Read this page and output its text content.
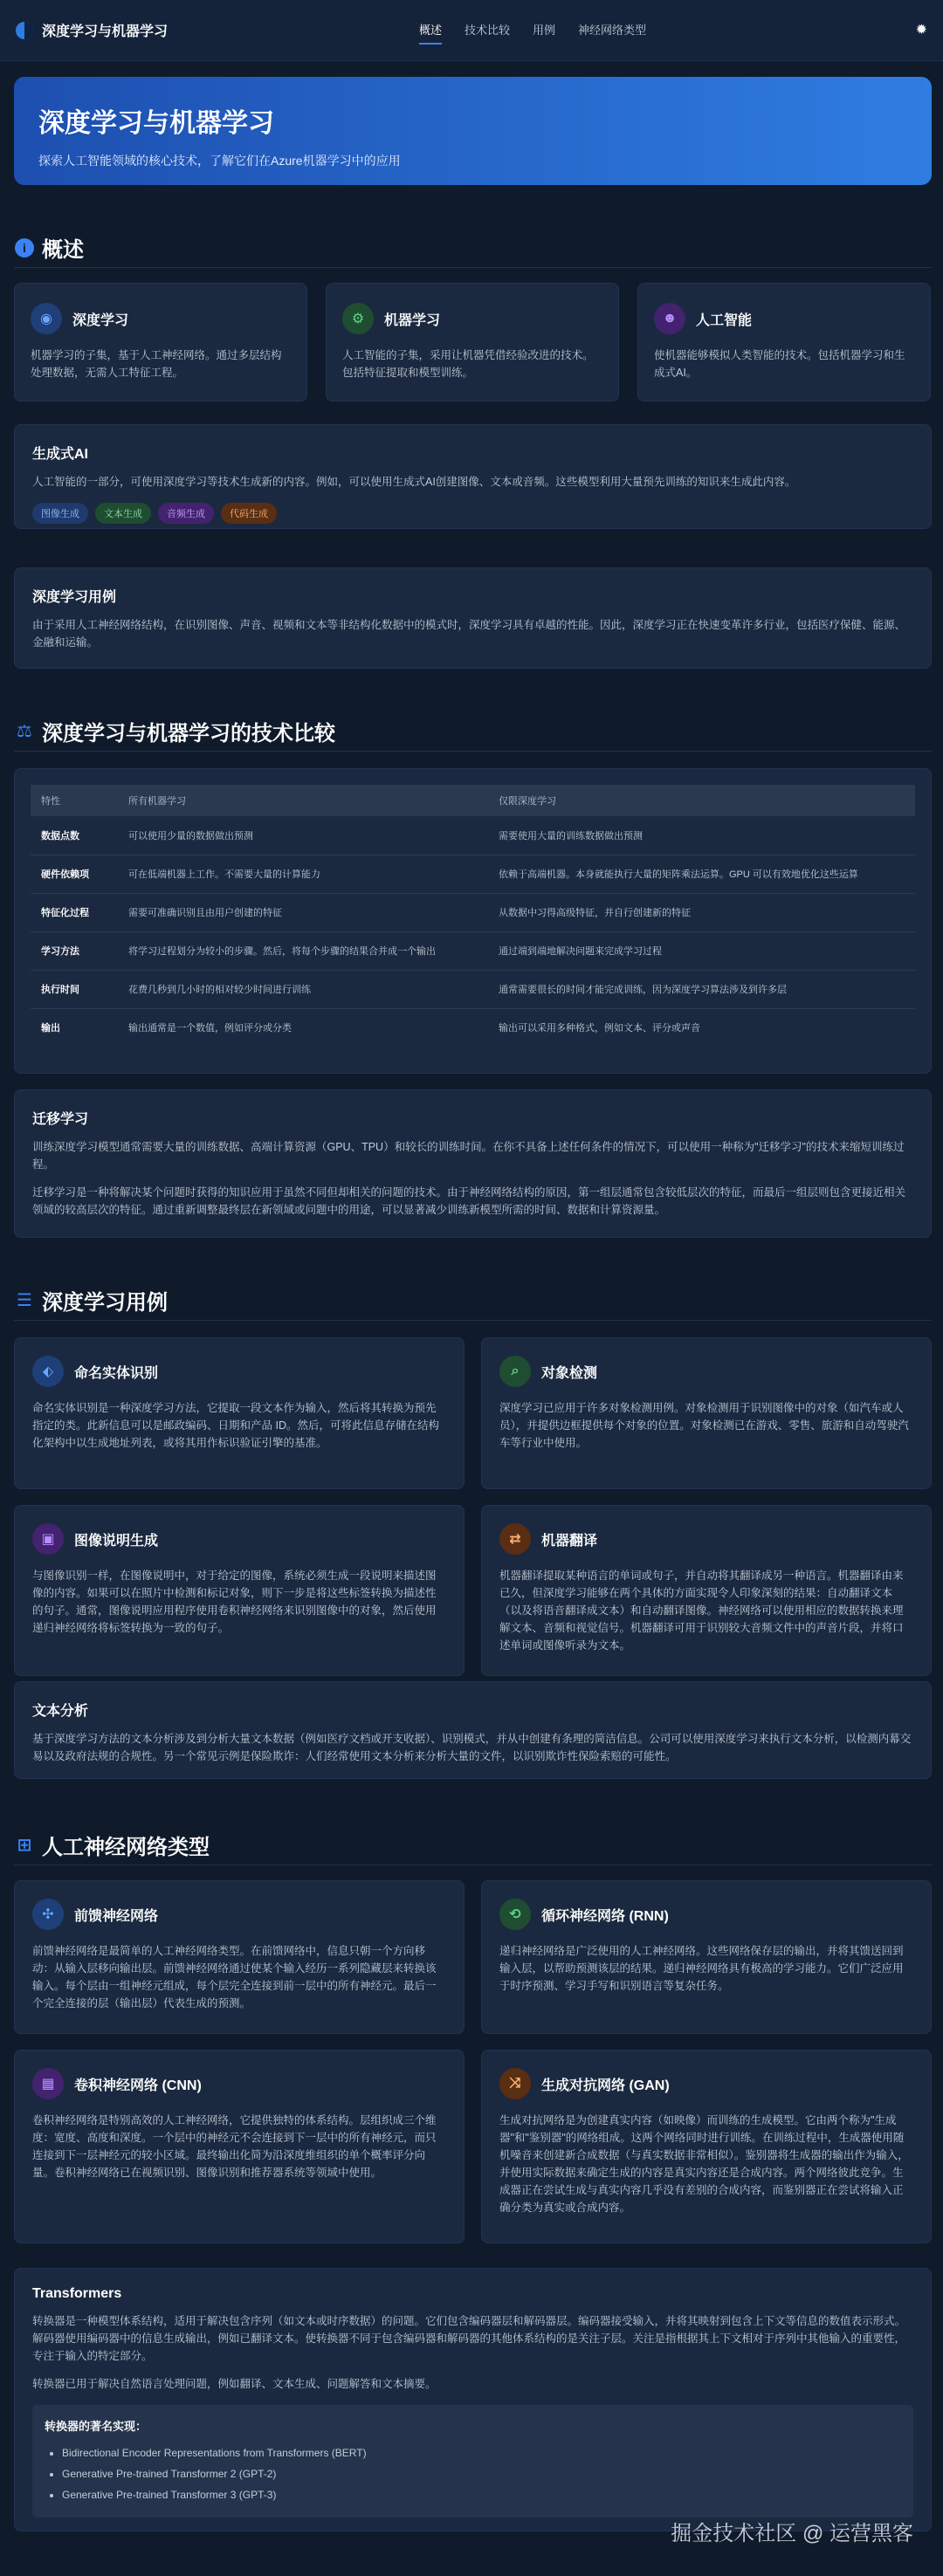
深度学习与机器学习	概述 技术比较 用例 神经网络类型	✹
深度学习与机器学习

探索人工智能领域的核心技术，了解它们在Azure机器学习中的应用

i 概述
◉	深度学习

机器学习的子集，基于人工神经网络。通过多层结构处理数据，无需人工特征工程。

⚙	机器学习

人工智能的子集，采用让机器凭借经验改进的技术。包括特征提取和模型训练。

☻	人工智能

使机器能够模拟人类智能的技术。包括机器学习和生成式AI。

生成式AI

人工智能的一部分，可使用深度学习等技术生成新的内容。例如，可以使用生成式AI创建图像、文本或音频。这些模型利用大量预先训练的知识来生成此内容。

图像生成	文本生成	音频生成	代码生成
深度学习用例

由于采用人工神经网络结构，在识别图像、声音、视频和文本等非结构化数据中的模式时，深度学习具有卓越的性能。因此，深度学习正在快速变革许多行业，包括医疗保健、能源、金融和运输。

⚖ 深度学习与机器学习的技术比较
特性	所有机器学习	仅限深度学习
数据点数	可以使用少量的数据做出预测	需要使用大量的训练数据做出预测
硬件依赖项	可在低端机器上工作。不需要大量的计算能力	依赖于高端机器。本身就能执行大量的矩阵乘法运算。GPU 可以有效地优化这些运算
特征化过程	需要可准确识别且由用户创建的特征	从数据中习得高级特征，并自行创建新的特征
学习方法	将学习过程划分为较小的步骤。然后，将每个步骤的结果合并成一个输出	通过端到端地解决问题来完成学习过程
执行时间	花费几秒到几小时的相对较少时间进行训练	通常需要很长的时间才能完成训练，因为深度学习算法涉及到许多层
输出	输出通常是一个数值，例如评分或分类	输出可以采用多种格式，例如文本、评分或声音
迁移学习

训练深度学习模型通常需要大量的训练数据、高端计算资源（GPU、TPU）和较长的训练时间。在你不具备上述任何条件的情况下，可以使用一种称为"迁移学习"的技术来缩短训练过程。

迁移学习是一种将解决某个问题时获得的知识应用于虽然不同但却相关的问题的技术。由于神经网络结构的原因，第一组层通常包含较低层次的特征，而最后一组层则包含更接近相关领域的较高层次的特征。通过重新调整最终层在新领域或问题中的用途，可以显著减少训练新模型所需的时间、数据和计算资源量。

☰ 深度学习用例
⬖	命名实体识别

命名实体识别是一种深度学习方法，它提取一段文本作为输入，然后将其转换为预先指定的类。此新信息可以是邮政编码、日期和产品 ID。然后，可将此信息存储在结构化架构中以生成地址列表，或将其用作标识验证引擎的基准。

⌕	对象检测

深度学习已应用于许多对象检测用例。对象检测用于识别图像中的对象（如汽车或人员），并提供边框提供每个对象的位置。对象检测已在游戏、零售、旅游和自动驾驶汽车等行业中使用。

▣	图像说明生成

与图像识别一样，在图像说明中，对于给定的图像，系统必须生成一段说明来描述图像的内容。如果可以在照片中检测和标记对象，则下一步是将这些标签转换为描述性的句子。通常，图像说明应用程序使用卷积神经网络来识别图像中的对象，然后使用递归神经网络将标签转换为一致的句子。

⇄	机器翻译

机器翻译提取某种语言的单词或句子，并自动将其翻译成另一种语言。机器翻译由来已久，但深度学习能够在两个具体的方面实现令人印象深刻的结果：自动翻译文本（以及将语音翻译成文本）和自动翻译图像。神经网络可以使用相应的数据转换来理解文本、音频和视觉信号。机器翻译可用于识别较大音频文件中的声音片段，并将口述单词或图像听录为文本。

文本分析

基于深度学习方法的文本分析涉及到分析大量文本数据（例如医疗文档或开支收据）、识别模式，并从中创建有条理的简洁信息。公司可以使用深度学习来执行文本分析，以检测内幕交易以及政府法规的合规性。另一个常见示例是保险欺诈：人们经常使用文本分析来分析大量的文件，以识别欺诈性保险索赔的可能性。

⊞ 人工神经网络类型
✣	前馈神经网络

前馈神经网络是最简单的人工神经网络类型。在前馈网络中，信息只朝一个方向移动：从输入层移向输出层。前馈神经网络通过使某个输入经历一系列隐藏层来转换该输入。每个层由一组神经元组成，每个层完全连接到前一层中的所有神经元。最后一个完全连接的层（输出层）代表生成的预测。

⟲	循环神经网络 (RNN)

递归神经网络是广泛使用的人工神经网络。这些网络保存层的输出，并将其馈送回到输入层，以帮助预测该层的结果。递归神经网络具有极高的学习能力。它们广泛应用于时序预测、学习手写和识别语言等复杂任务。

▦	卷积神经网络 (CNN)

卷积神经网络是特别高效的人工神经网络，它提供独特的体系结构。层组织成三个维度：宽度、高度和深度。一个层中的神经元不会连接到下一层中的所有神经元，而只连接到下一层神经元的较小区域。最终输出化简为沿深度维组织的单个概率评分向量。卷积神经网络已在视频识别、图像识别和推荐器系统等领域中使用。

⤨	生成对抗网络 (GAN)

生成对抗网络是为创建真实内容（如映像）而训练的生成模型。它由两个称为"生成器"和"鉴别器"的网络组成。这两个网络同时进行训练。在训练过程中，生成器使用随机噪音来创建新合成数据（与真实数据非常相似）。鉴别器将生成器的输出作为输入，并使用实际数据来确定生成的内容是真实内容还是合成内容。两个网络彼此竞争。生成器正在尝试生成与真实内容几乎没有差别的合成内容，而鉴别器正在尝试将输入正确分类为真实或合成内容。

Transformers

转换器是一种模型体系结构，适用于解决包含序列（如文本或时序数据）的问题。它们包含编码器层和解码器层。编码器接受输入，并将其映射到包含上下文等信息的数值表示形式。解码器使用编码器中的信息生成输出，例如已翻译文本。使转换器不同于包含编码器和解码器的其他体系结构的是关注子层。关注是指根据其上下文相对于序列中其他输入的重要性，专注于输入的特定部分。

转换器已用于解决自然语言处理问题，例如翻译、文本生成、问题解答和文本摘要。

转换器的著名实现：
• Bidirectional Encoder Representations from Transformers (BERT)
• Generative Pre-trained Transformer 2 (GPT-2)
• Generative Pre-trained Transformer 3 (GPT-3)
掘金技术社区 @ 运营黑客
